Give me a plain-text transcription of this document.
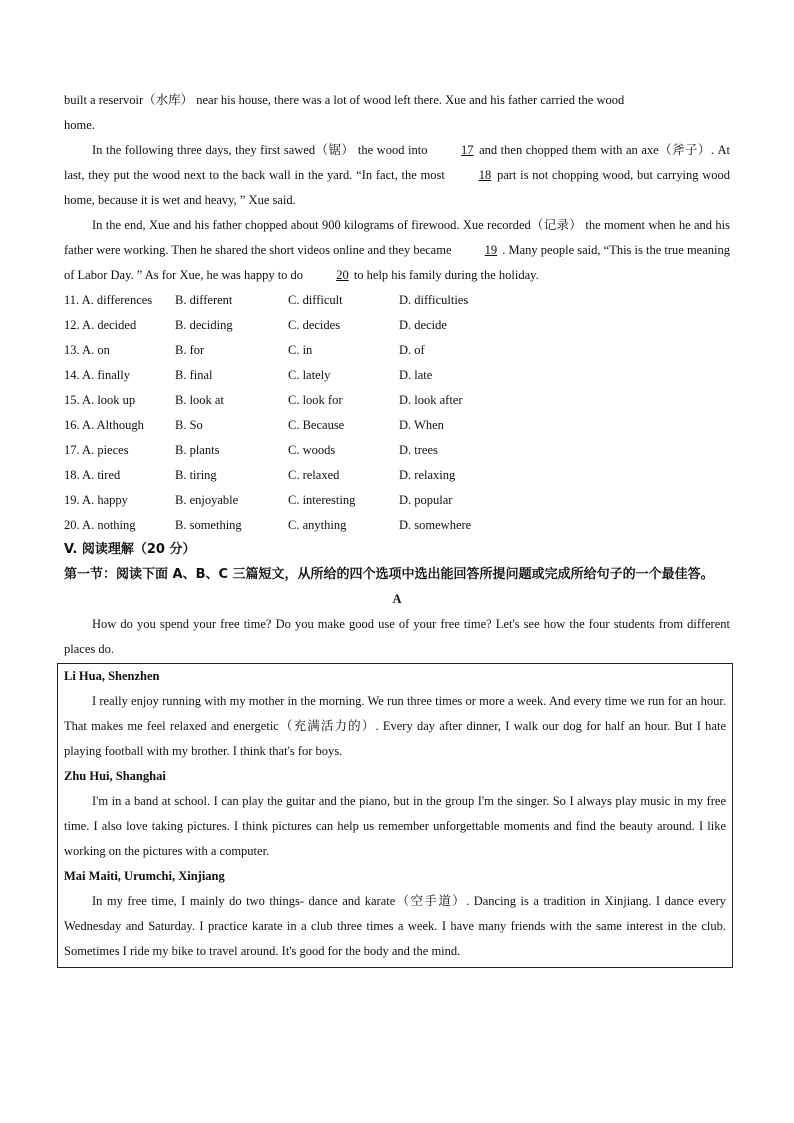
built a reservoir（水库） near his house, there was a lot of wood left there. Xue and his father carried the wood
home.

In the following three days, they first sawed（锯） the wood into 17 and then chopped them with an axe（斧子）. At last, they put the wood next to the back wall in the yard. “In fact, the most 18 part is not chopping wood, but carrying wood home, because it is wet and heavy, ” Xue said.

In the end, Xue and his father chopped about 900 kilograms of firewood. Xue recorded（记录） the moment when he and his father were working. Then he shared the short videos online and they became 19 . Many people said, “This is the true meaning of Labor Day. ” As for Xue, he was happy to do 20 to help his family during the holiday.

11. A. differences B. different	C. difficult	D. difficulties
12. A. decided	B. deciding	C. decides	D. decide
13. A. on	B. for	C. in	D. of
14. A. finally	B. final	C. lately	D. late
15. A. look up	B. look at	C. look for	D. look after
16. A. Although B. So	C. Because	D. When
17. A. pieces	B. plants	C. woods	D. trees
18. A. tired	B. tiring	C. relaxed	D. relaxing
19. A. happy	B. enjoyable	C. interesting	D. popular
20. A. nothing	B. something	C. anything	D. somewhere

V. 阅读理解（20 分）

第一节：阅读下面 A、B、C 三篇短文，从所给的四个选项中选出能回答所提问题或完成所给句子的一个最佳答。

A

How do you spend your free time? Do you make good use of your free time? Let's see how the four students from different places do.

Li Hua, Shenzhen

I really enjoy running with my mother in the morning. We run three times or more a week. And every time we run for an hour. That makes me feel relaxed and energetic（充满活力的）. Every day after dinner, I walk our dog for half an hour. But I hate playing football with my brother. I think that's for boys.

Zhu Hui, Shanghai

I'm in a band at school. I can play the guitar and the piano, but in the group I'm the singer. So I always play music in my free time. I also love taking pictures. I think pictures can help us remember unforgettable moments and find the beauty around. I like working on the pictures with a computer.

Mai Maiti, Urumchi, Xinjiang

In my free time, I mainly do two things- dance and karate（空手道）. Dancing is a tradition in Xinjiang. I dance every Wednesday and Saturday. I practice karate in a club three times a week. I have many friends with the same interest in the club. Sometimes I ride my bike to travel around. It's good for the body and the mind.
